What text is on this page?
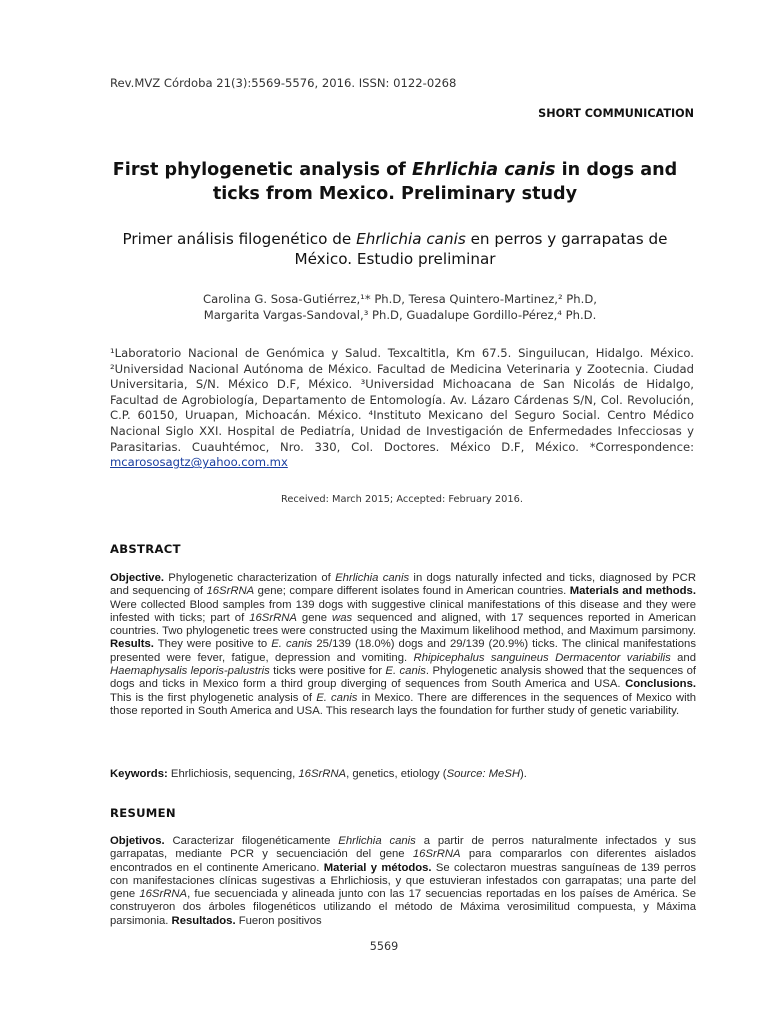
Rev.MVZ Córdoba 21(3):5569-5576, 2016. ISSN: 0122-0268
SHORT COMMUNICATION
First phylogenetic analysis of Ehrlichia canis in dogs and ticks from Mexico. Preliminary study
Primer análisis filogenético de Ehrlichia canis en perros y garrapatas de México. Estudio preliminar
Carolina G. Sosa-Gutiérrez,¹* Ph.D, Teresa Quintero-Martinez,² Ph.D,
Margarita Vargas-Sandoval,³ Ph.D, Guadalupe Gordillo-Pérez,⁴ Ph.D.
¹Laboratorio Nacional de Genómica y Salud. Texcaltitla, Km 67.5. Singuilucan, Hidalgo. México. ²Universidad Nacional Autónoma de México. Facultad de Medicina Veterinaria y Zootecnia. Ciudad Universitaria, S/N. México D.F, México. ³Universidad Michoacana de San Nicolás de Hidalgo, Facultad de Agrobiología, Departamento de Entomología. Av. Lázaro Cárdenas S/N, Col. Revolución, C.P. 60150, Uruapan, Michoacán. México. ⁴Instituto Mexicano del Seguro Social. Centro Médico Nacional Siglo XXI. Hospital de Pediatría, Unidad de Investigación de Enfermedades Infecciosas y Parasitarias. Cuauhtémoc, Nro. 330, Col. Doctores. México D.F, México. *Correspondence: mcarososagtz@yahoo.com.mx
Received: March 2015; Accepted: February 2016.
ABSTRACT
Objective. Phylogenetic characterization of Ehrlichia canis in dogs naturally infected and ticks, diagnosed by PCR and sequencing of 16SrRNA gene; compare different isolates found in American countries. Materials and methods. Were collected Blood samples from 139 dogs with suggestive clinical manifestations of this disease and they were infested with ticks; part of 16SrRNA gene was sequenced and aligned, with 17 sequences reported in American countries. Two phylogenetic trees were constructed using the Maximum likelihood method, and Maximum parsimony. Results. They were positive to E. canis 25/139 (18.0%) dogs and 29/139 (20.9%) ticks. The clinical manifestations presented were fever, fatigue, depression and vomiting. Rhipicephalus sanguineus Dermacentor variabilis and Haemaphysalis leporis-palustris ticks were positive for E. canis. Phylogenetic analysis showed that the sequences of dogs and ticks in Mexico form a third group diverging of sequences from South America and USA. Conclusions. This is the first phylogenetic analysis of E. canis in Mexico. There are differences in the sequences of Mexico with those reported in South America and USA. This research lays the foundation for further study of genetic variability.
Keywords: Ehrlichiosis, sequencing, 16SrRNA, genetics, etiology (Source: MeSH).
RESUMEN
Objetivos. Caracterizar filogenéticamente Ehrlichia canis a partir de perros naturalmente infectados y sus garrapatas, mediante PCR y secuenciación del gene 16SrRNA para compararlos con diferentes aislados encontrados en el continente Americano. Material y métodos. Se colectaron muestras sanguíneas de 139 perros con manifestaciones clínicas sugestivas a Ehrlichiosis, y que estuvieran infestados con garrapatas; una parte del gene 16SrRNA, fue secuenciada y alineada junto con las 17 secuencias reportadas en los países de América. Se construyeron dos árboles filogenéticos utilizando el método de Máxima verosimilitud compuesta, y Máxima parsimonia. Resultados. Fueron positivos
5569
